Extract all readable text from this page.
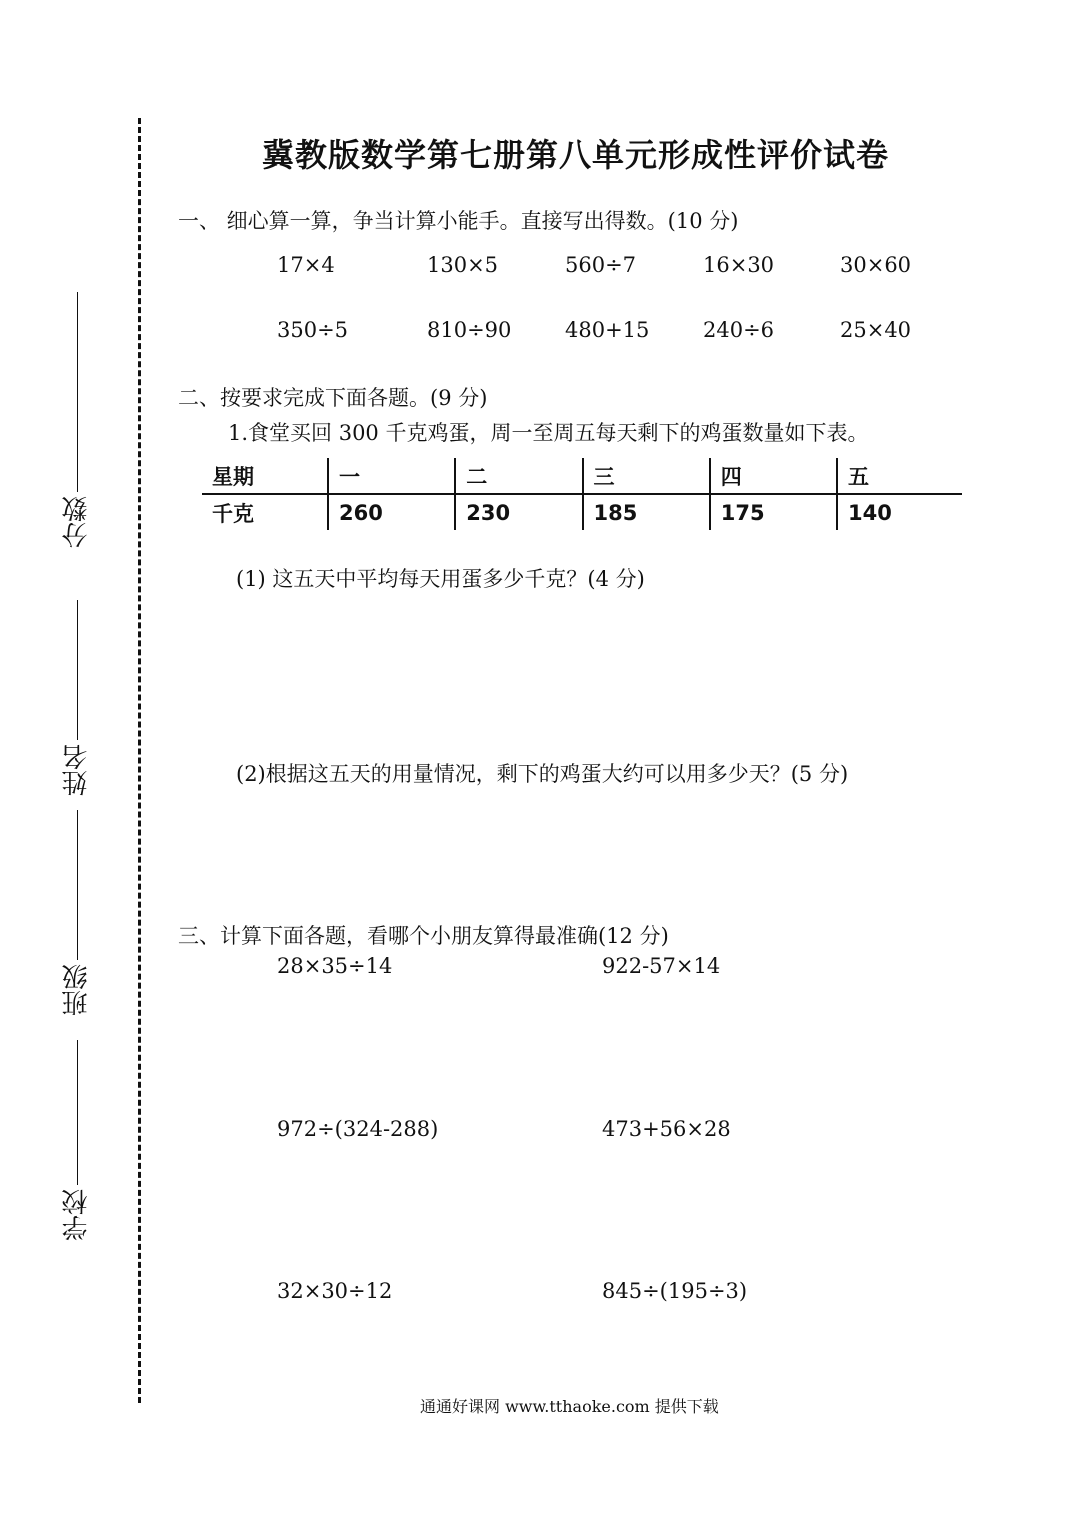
分数
姓名
班级
学校
冀教版数学第七册第八单元形成性评价试卷
一、 细心算一算，争当计算小能手。直接写出得数。(10 分)
17×4	130×5	560÷7	16×30	30×60
350÷5	810÷90	480+15	240÷6	25×40
二、按要求完成下面各题。(9 分)
1.食堂买回 300 千克鸡蛋，周一至周五每天剩下的鸡蛋数量如下表。
星期	一	二	三	四	五
千克	260	230	185	175	140
(1) 这五天中平均每天用蛋多少千克？(4 分)
(2)根据这五天的用量情况，剩下的鸡蛋大约可以用多少天？(5 分)
三、计算下面各题，看哪个小朋友算得最准确(12 分)
28×35÷14	922-57×14
972÷(324-288)	473+56×28
32×30÷12	845÷(195÷3)
通通好课网 www.tthaoke.com 提供下载
